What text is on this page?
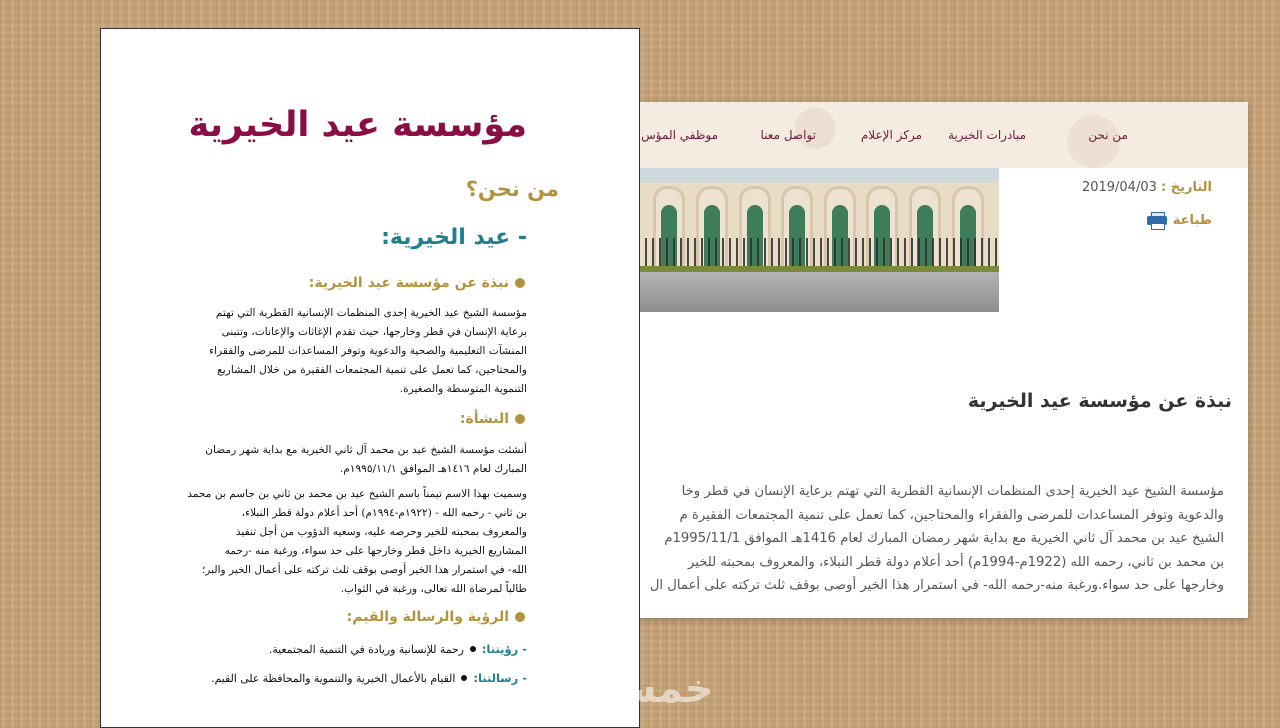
من نحن
مبادرات الخيرية
مركز الإعلام
تواصل معنا
موظفي المؤس
التاريخ : 2019/04/03
طباعة
نبذة عن مؤسسة عيد الخيرية
مؤسسة الشيخ عيد الخيرية إحدى المنظمات الإنسانية القطرية التي تهتم برعاية الإنسان في قطر وخا
والدعوية وتوفر المساعدات للمرضى والفقراء والمحتاجين، كما تعمل على تنمية المجتمعات الفقيرة م
الشيخ عيد بن محمد آل ثاني الخيرية مع بداية شهر رمضان المبارك لعام 1416هـ الموافق 1995/11/1م
بن محمد بن ثاني، رحمه الله (1922م-1994م) أحد أعلام دولة قطر النبلاء، والمعروف بمحبته للخير
وخارجها على حد سواء.ورغبة منه-رحمه الله- في استمرار هذا الخير أوصى بوقف ثلث تركته على أعمال ال
مؤسسة عيد الخيرية
من نحن؟
- عيد الخيرية:
نبذة عن مؤسسة عيد الخيرية:
مؤسسة الشيخ عيد الخيرية إحدى المنظمات الإنسانية القطرية التي تهتم
برعاية الإنسان في قطر وخارجها، حيث تقدم الإغاثات والإعانات، وتتبنى
المنشآت التعليمية والصحية والدعوية وتوفر المساعدات للمرضى والفقراء
والمحتاجين، كما تعمل على تنمية المجتمعات الفقيرة من خلال المشاريع
التنموية المتوسطة والصغيرة.
النشأة:
أنشئت مؤسسة الشيخ عيد بن محمد آل ثاني الخيرية مع بداية شهر رمضان
المبارك لعام ١٤١٦هـ الموافق ١٩٩٥/١١/١م.
وسميت بهذا الاسم تيمناً باسم الشيخ عيد بن محمد بن ثاني بن جاسم بن محمد
بن ثاني - رحمه الله - (١٩٢٢م-١٩٩٤م) أحد أعلام دولة قطر النبلاء،
والمعروف بمحبته للخير وحرصه عليه، وسعيه الدؤوب من أجل تنفيذ
المشاريع الخيرية داخل قطر وخارجها على حد سواء، ورغبة منه -رحمه
الله- في استمرار هذا الخير أوصى بوقف ثلث تركته على أعمال الخير والبر؛
طالباً لمرضاة الله تعالى، ورغبة في الثواب.
الرؤية والرسالة والقيم:
- رؤيتنا:
رحمة للإنسانية وريادة في التنمية المجتمعية.
- رسالتنا:
القيام بالأعمال الخيرية والتنموية والمحافظة على القيم.	خمسات
